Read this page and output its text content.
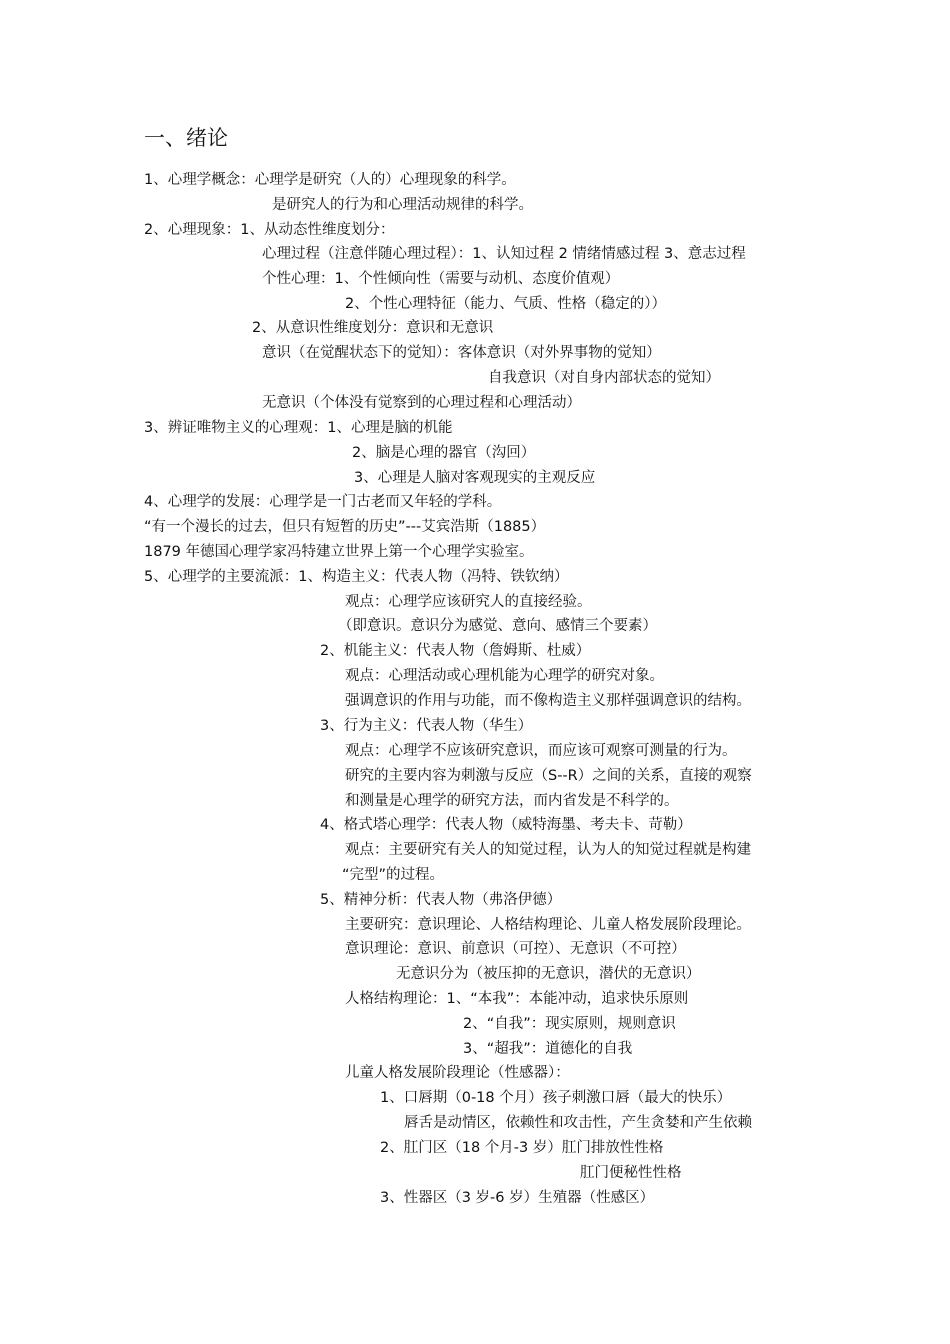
一、绪论
1、心理学概念：心理学是研究（人的）心理现象的科学。
是研究人的行为和心理活动规律的科学。
2、心理现象：1、从动态性维度划分：
心理过程（注意伴随心理过程）：1、认知过程 2 情绪情感过程 3、意志过程
个性心理：1、个性倾向性（需要与动机、态度价值观）
2、个性心理特征（能力、气质、性格（稳定的））
2、从意识性维度划分：意识和无意识
意识（在觉醒状态下的觉知）：客体意识（对外界事物的觉知）
自我意识（对自身内部状态的觉知）
无意识（个体没有觉察到的心理过程和心理活动）
3、辨证唯物主义的心理观：1、心理是脑的机能
2、脑是心理的器官（沟回）
3、心理是人脑对客观现实的主观反应
4、心理学的发展：心理学是一门古老而又年轻的学科。
“有一个漫长的过去，但只有短暂的历史”---艾宾浩斯（1885）
1879 年德国心理学家冯特建立世界上第一个心理学实验室。
5、心理学的主要流派：1、构造主义：代表人物（冯特、铁钦纳）
观点：心理学应该研究人的直接经验。
（即意识。意识分为感觉、意向、感情三个要素）
2、机能主义：代表人物（詹姆斯、杜威）
观点：心理活动或心理机能为心理学的研究对象。
强调意识的作用与功能，而不像构造主义那样强调意识的结构。
3、行为主义：代表人物（华生）
观点：心理学不应该研究意识，而应该可观察可测量的行为。
研究的主要内容为刺激与反应（S--R）之间的关系，直接的观察
和测量是心理学的研究方法，而内省发是不科学的。
4、格式塔心理学：代表人物（威特海墨、考夫卡、苛勒）
观点：主要研究有关人的知觉过程，认为人的知觉过程就是构建
“完型”的过程。
5、精神分析：代表人物（弗洛伊德）
主要研究：意识理论、人格结构理论、儿童人格发展阶段理论。
意识理论：意识、前意识（可控）、无意识（不可控）
无意识分为（被压抑的无意识，潜伏的无意识）
人格结构理论：1、“本我”：本能冲动，追求快乐原则
2、“自我”：现实原则，规则意识
3、“超我”：道德化的自我
儿童人格发展阶段理论（性感器）：
1、口唇期（0-18 个月）孩子刺激口唇（最大的快乐）
唇舌是动情区，依赖性和攻击性，产生贪婪和产生依赖
2、肛门区（18 个月-3 岁）肛门排放性性格
肛门便秘性性格
3、性器区（3 岁-6 岁）生殖器（性感区）
